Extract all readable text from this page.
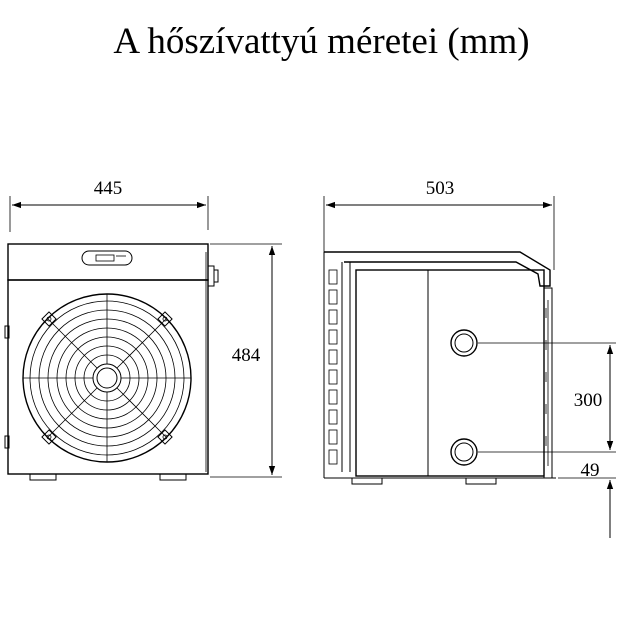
A hőszívattyú méretei (mm)
445
484
503
300
49
